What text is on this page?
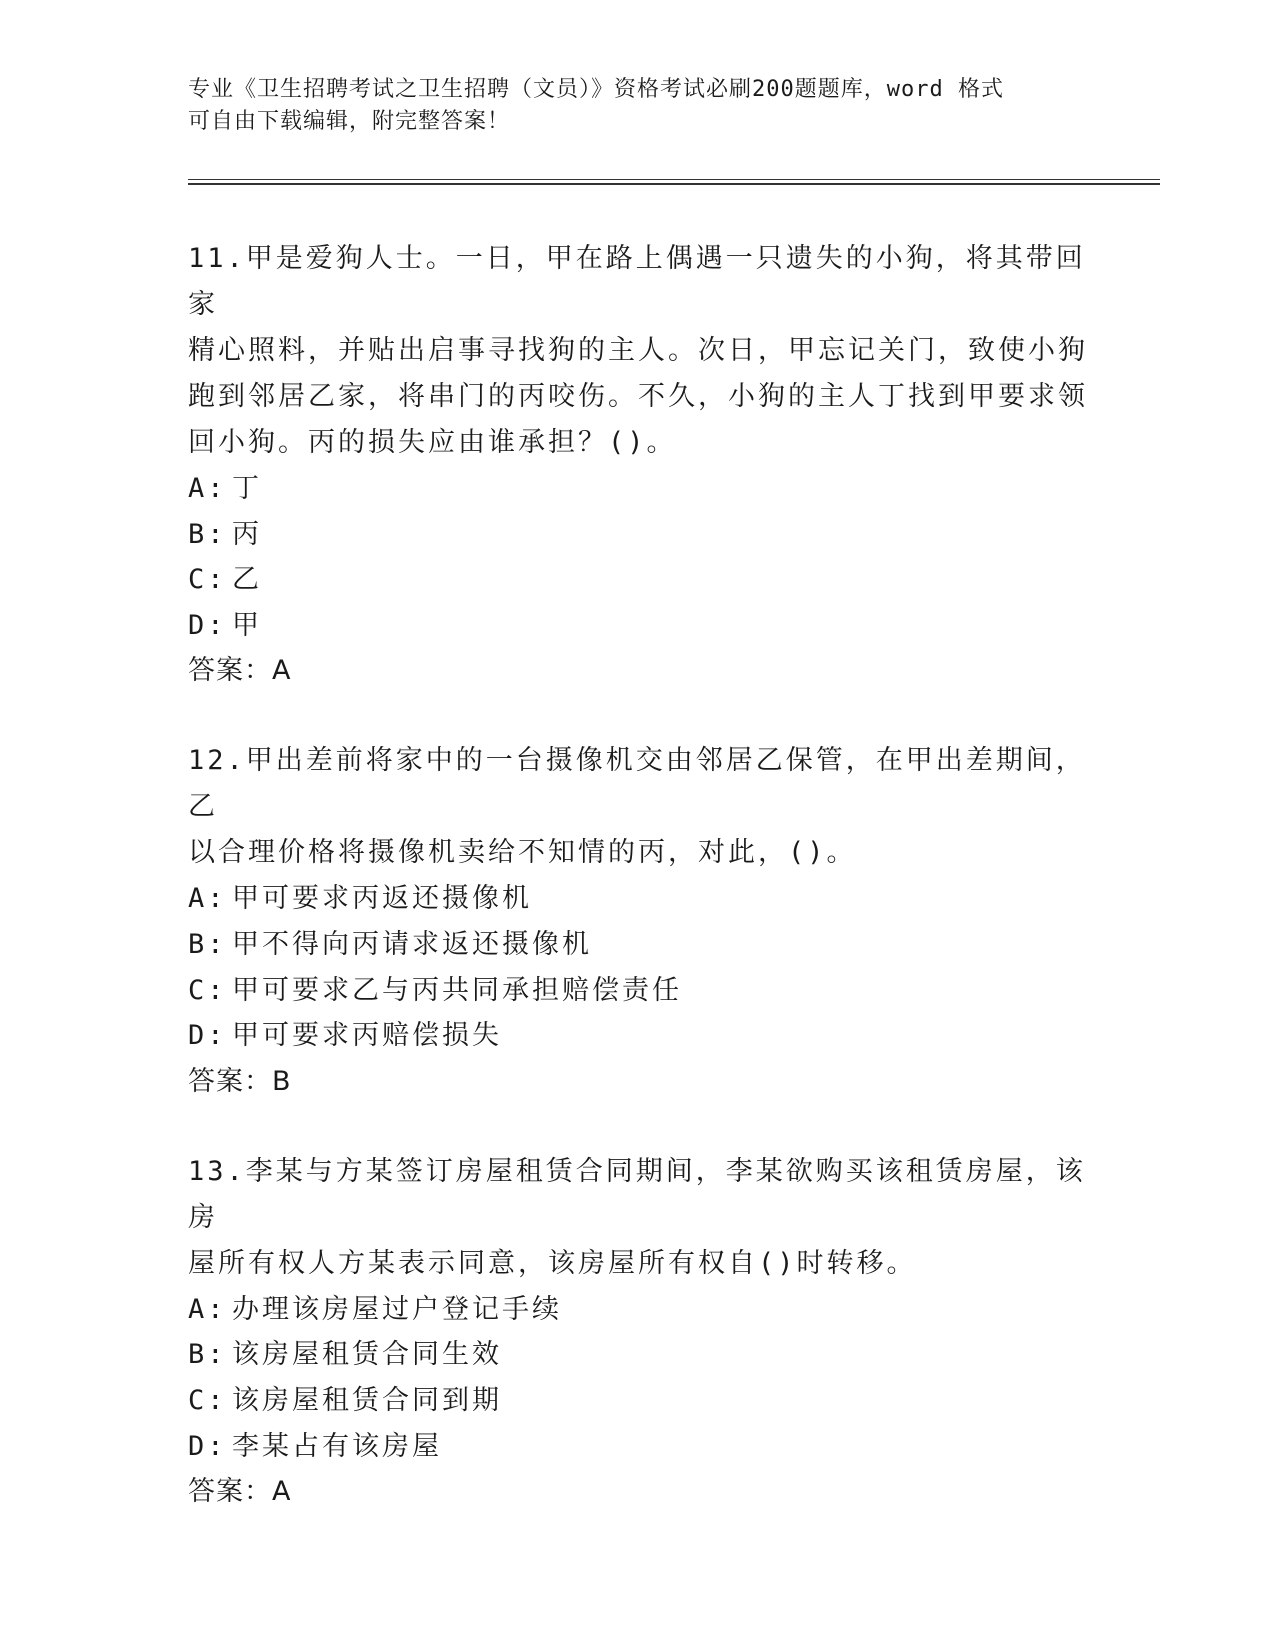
专业《卫生招聘考试之卫生招聘（文员）》资格考试必刷200题题库，word 格式
可自由下载编辑，附完整答案！
11.甲是爱狗人士。一日，甲在路上偶遇一只遗失的小狗，将其带回家
精心照料，并贴出启事寻找狗的主人。次日，甲忘记关门，致使小狗
跑到邻居乙家，将串门的丙咬伤。不久，小狗的主人丁找到甲要求领
回小狗。丙的损失应由谁承担？()。
A: 丁
B: 丙
C: 乙
D: 甲
答案：A
12.甲出差前将家中的一台摄像机交由邻居乙保管，在甲出差期间，乙
以合理价格将摄像机卖给不知情的丙，对此，()。
A: 甲可要求丙返还摄像机
B: 甲不得向丙请求返还摄像机
C: 甲可要求乙与丙共同承担赔偿责任
D: 甲可要求丙赔偿损失
答案：B
13.李某与方某签订房屋租赁合同期间，李某欲购买该租赁房屋，该房
屋所有权人方某表示同意，该房屋所有权自()时转移。
A: 办理该房屋过户登记手续
B: 该房屋租赁合同生效
C: 该房屋租赁合同到期
D: 李某占有该房屋
答案：A
